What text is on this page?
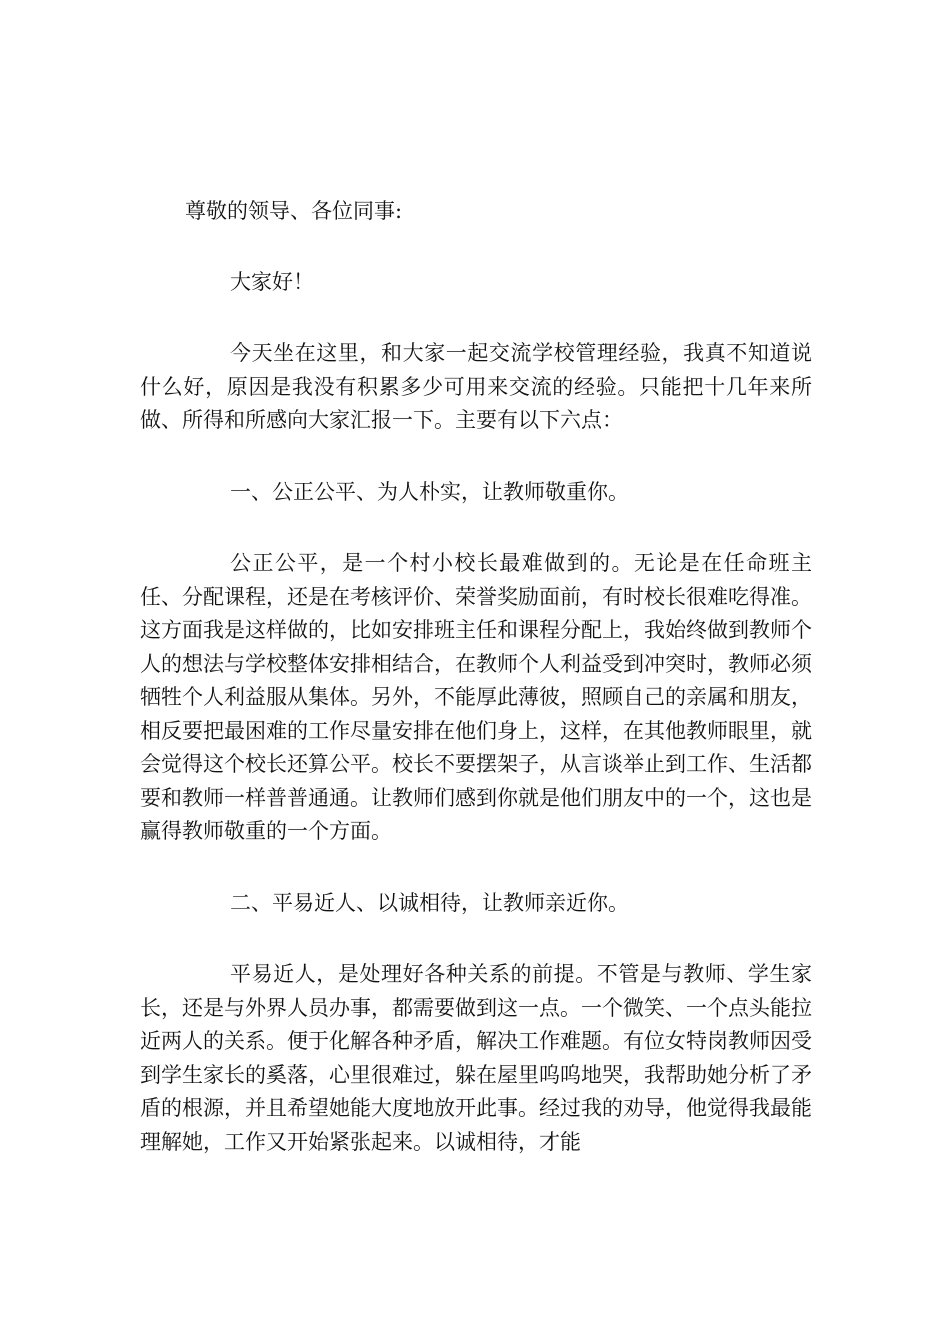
尊敬的领导、各位同事:

大家好！

今天坐在这里，和大家一起交流学校管理经验，我真不知道说什么好，原因是我没有积累多少可用来交流的经验。只能把十几年来所做、所得和所感向大家汇报一下。主要有以下六点：

一、公正公平、为人朴实，让教师敬重你。

公正公平，是一个村小校长最难做到的。无论是在任命班主任、分配课程，还是在考核评价、荣誉奖励面前，有时校长很难吃得准。这方面我是这样做的，比如安排班主任和课程分配上，我始终做到教师个人的想法与学校整体安排相结合，在教师个人利益受到冲突时，教师必须牺牲个人利益服从集体。另外，不能厚此薄彼，照顾自己的亲属和朋友，相反要把最困难的工作尽量安排在他们身上，这样，在其他教师眼里，就会觉得这个校长还算公平。校长不要摆架子，从言谈举止到工作、生活都要和教师一样普普通通。让教师们感到你就是他们朋友中的一个，这也是赢得教师敬重的一个方面。

二、平易近人、以诚相待，让教师亲近你。

平易近人，是处理好各种关系的前提。不管是与教师、学生家长，还是与外界人员办事，都需要做到这一点。一个微笑、一个点头能拉近两人的关系。便于化解各种矛盾，解决工作难题。有位女特岗教师因受到学生家长的奚落，心里很难过，躲在屋里呜呜地哭，我帮助她分析了矛盾的根源，并且希望她能大度地放开此事。经过我的劝导，他觉得我最能理解她，工作又开始紧张起来。以诚相待，才能
